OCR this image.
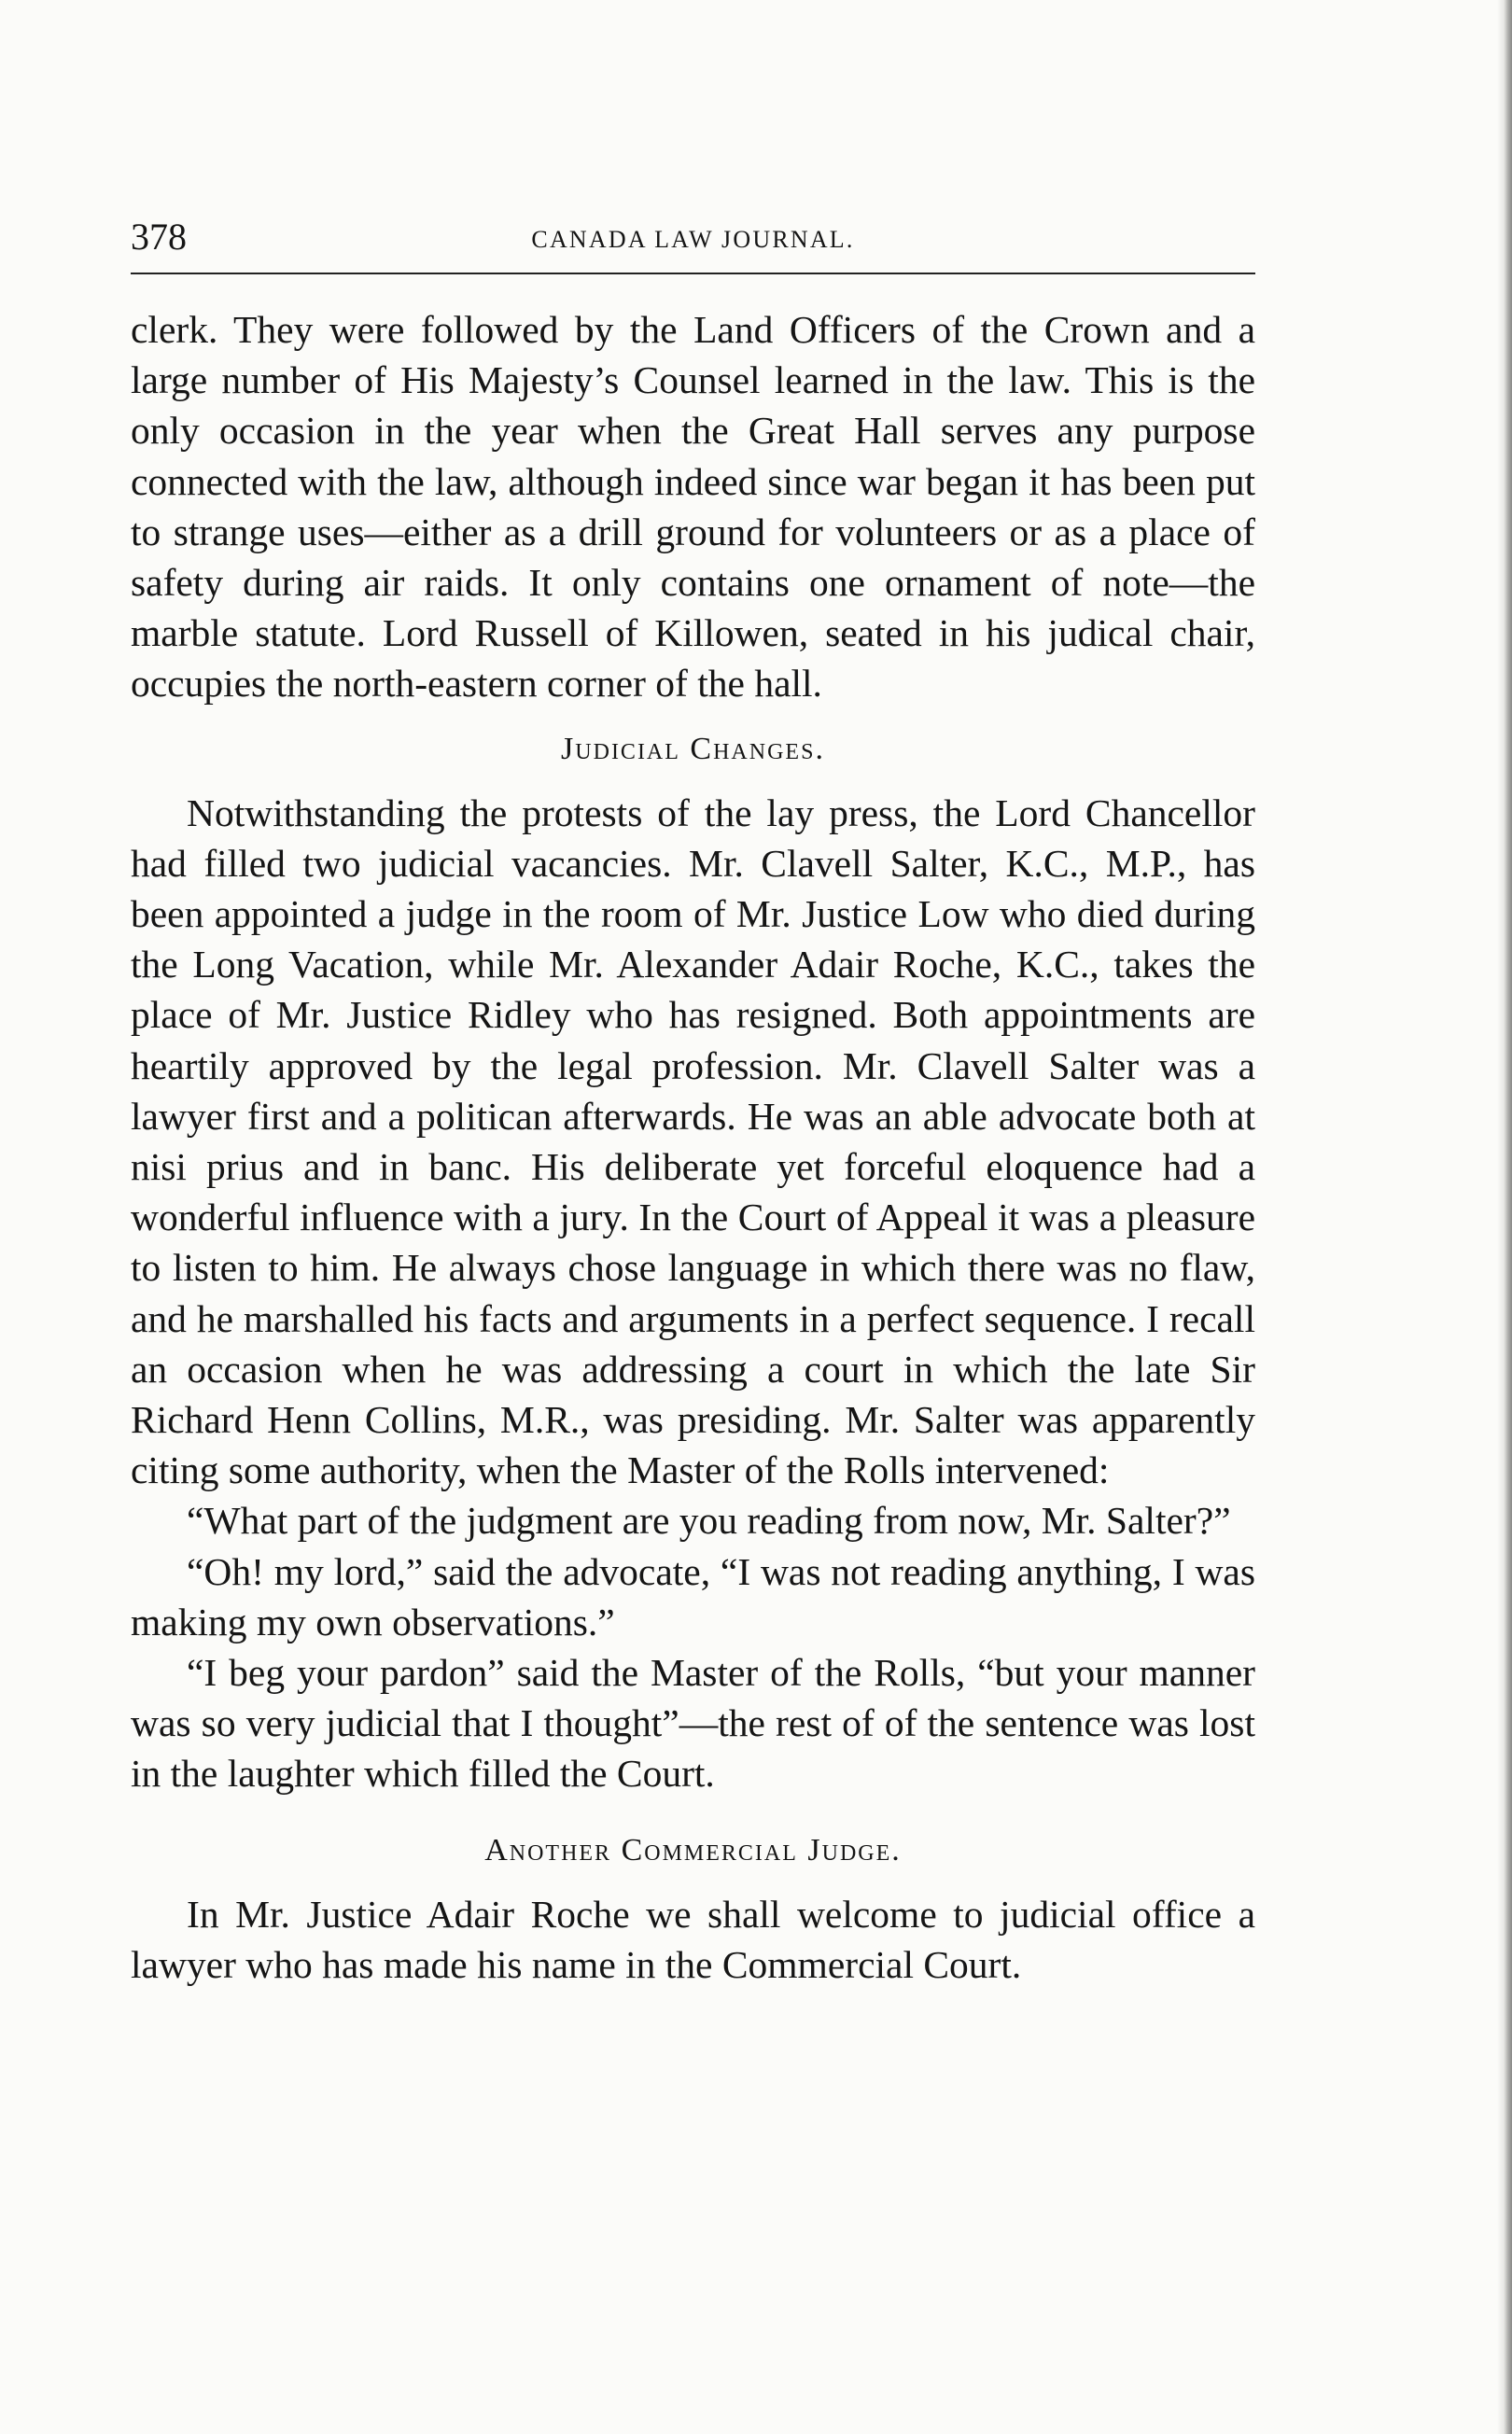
378	CANADA LAW JOURNAL.

clerk. They were followed by the Land Officers of the Crown and a large number of His Majesty’s Counsel learned in the law. This is the only occasion in the year when the Great Hall serves any purpose connected with the law, although indeed since war began it has been put to strange uses—either as a drill ground for volunteers or as a place of safety during air raids. It only contains one ornament of note—the marble statute. Lord Russell of Killowen, seated in his judical chair, occupies the north-eastern corner of the hall.

Judicial Changes.

Notwithstanding the protests of the lay press, the Lord Chancellor had filled two judicial vacancies. Mr. Clavell Salter, K.C., M.P., has been appointed a judge in the room of Mr. Justice Low who died during the Long Vacation, while Mr. Alexander Adair Roche, K.C., takes the place of Mr. Justice Ridley who has resigned. Both appointments are heartily approved by the legal profession. Mr. Clavell Salter was a lawyer first and a politican afterwards. He was an able advocate both at nisi prius and in banc. His deliberate yet forceful eloquence had a wonderful influence with a jury. In the Court of Appeal it was a pleasure to listen to him. He always chose language in which there was no flaw, and he marshalled his facts and arguments in a perfect sequence. I recall an occasion when he was addressing a court in which the late Sir Richard Henn Collins, M.R., was presiding. Mr. Salter was apparently citing some authority, when the Master of the Rolls intervened:

“What part of the judgment are you reading from now, Mr. Salter?”

“Oh! my lord,” said the advocate, “I was not reading anything, I was making my own observations.”

“I beg your pardon” said the Master of the Rolls, “but your manner was so very judicial that I thought”—the rest of of the sentence was lost in the laughter which filled the Court.

Another Commercial Judge.

In Mr. Justice Adair Roche we shall welcome to judicial office a lawyer who has made his name in the Commercial Court.
